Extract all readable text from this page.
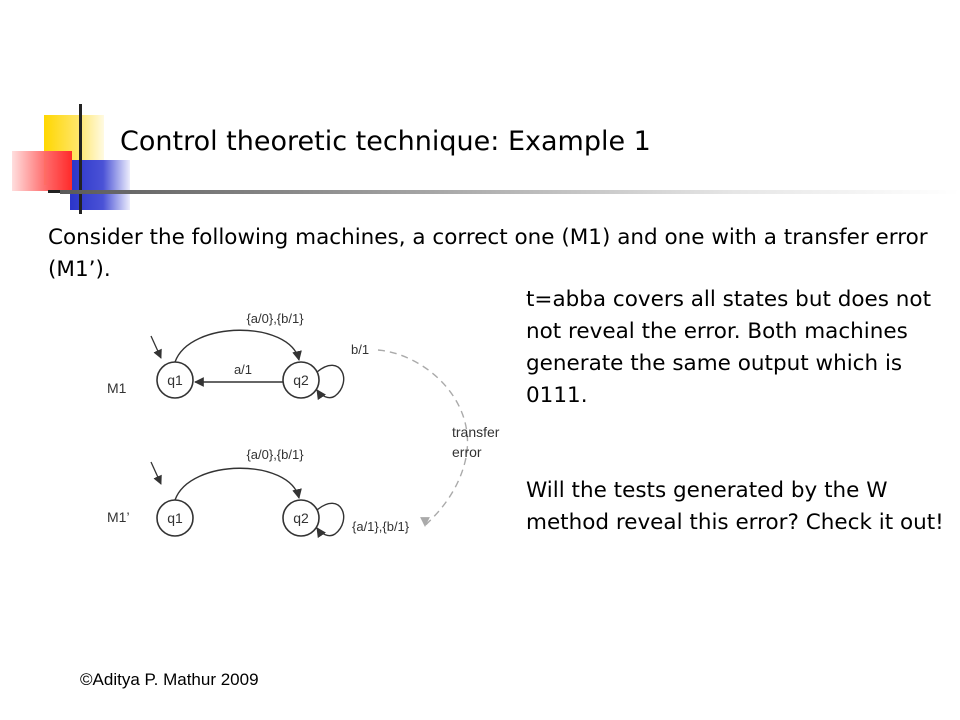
Control theoretic technique: Example 1
Consider the following machines, a correct one (M1) and one with a transfer error (M1’).
M1	q1	q2
{a/0},{b/1}
a/1
b/1
transfer
error
M1’	q1	q2
{a/0},{b/1}
{a/1},{b/1}
t=abba covers all states but does not not reveal the error. Both machines generate the same output which is 0111.
Will the tests generated by the W method reveal this error? Check it out!
©Aditya P. Mathur 2009
